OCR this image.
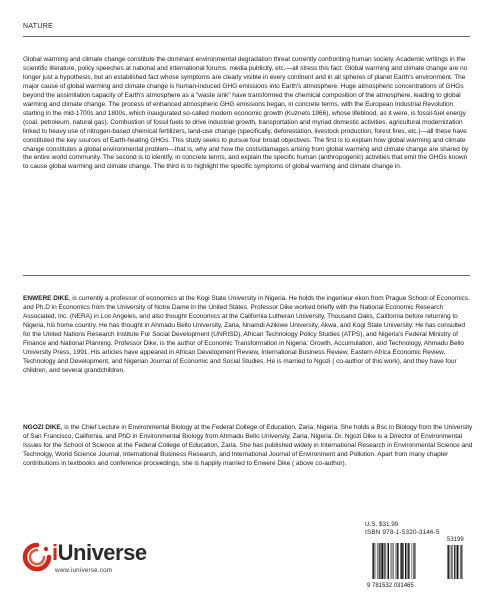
NATURE

Global warming and climate change constitute the dominant environmental degradation threat currently confronting human society. Academic writings in the scientific literature, policy speeches at national and international forums, media publicity, etc.—all stress this fact: Global warming and climate change are no longer just a hypothesis, but an established fact whose symptoms are clearly visible in every continent and in all spheres of planet Earth's environment. The major cause of global warming and climate change is human-induced GHG emissions into Earth's atmosphere. Huge atmospheric concentrations of GHGs beyond the assimilation capacity of Earth's atmosphere as a "waste sink" have transformed the chemical composition of the atmosphere, leading to global warming and climate change. The process of enhanced atmospheric GHG emissions began, in concrete terms, with the European Industrial Revolution starting in the mid-1700s and 1800s, which inaugurated so-called modern economic growth (Kuznets 1966), whose lifeblood, as it were, is fossil-fuel energy (coal, petroleum, natural gas). Combustion of fossil fuels to drive industrial growth, transportation and myriad domestic activities, agricultural modernization linked to heavy use of nitrogen-based chemical fertilizers, land-use change (specifically, deforestation, livestock production, forest fires, etc.)—all these have constituted the key sources of Earth-heating GHGs. This study seeks to pursue four broad objectives. The first is to explain how global warming and climate change constitutes a global environmental problem—that is, why and how the costs/damages arising from global warming and climate change are shared by the entire world community. The second is to identify, in concrete terms, and explain the specific human (anthropogenic) activities that emit the GHGs known to cause global warming and climate change. The third is to highlight the specific symptoms of global warming and climate change in.

ENWERE DIKE, is currently a professor of economics at the Kogi State University in Nigeria. He holds the ingenieur ekon from Prague School of Economics, and Ph.D in Economics from the University of Notre Dame in the United States. Professor Dike worked briefly with the National Economic Research Associated, inc. (NERA) in Los Angeles, and also thought Economics at the California Lutheran University, Thousand Oaks, California before returning to Nigeria, his home country. He has thought in Ahmadu Bello University, Zaria, Nnamdi Azikiwe University, Akwa, and Kogi State University. He has consulted for the United Nations Research Institute For Social Development (UNRISD), African Technology Policy Studies (ATPS), and Nigeria's Federal Ministry of Finance and National Planning. Professor Dike, is the author of Economic Transformation in Nigeria: Growth, Accumulation, and Technology, Ahmadu Bello University Press, 1991. His articles have appeared in African Development Review, International Business Review, Eastern Africa Economic Review, Technology and Development, and Nigerian Journal of Economic and Social Studies. He is married to Ngozi ( co-author of this work), and they have four children, and several grandchildren.

NGOZI DIKE, is the Chief Lecture in Environmental Biology at the Federal College of Education, Zaria, Nigeria. She holds a Bsc in Biology from the University of San Francisco, California, and PhD in Environmental Biology from Ahmadu Bello University, Zaria, Nigeria. Dr. Ngozi Dike is a Director of Environmental Issues for the School of Science at the Federal College of Education, Zaria. She has published widely in International Research in Environmental Science and Technolgy, World Science Journal, International Business Research, and International Journal of Environment and Pollution. Apart from many chapter contributions in textbooks and conference proceedings, she is happily married to Enwere Dike ( above co-author).

iUniverse
www.iuniverse.com
U.S. $31.99
ISBN 978-1-5320-3146-5
53199
9 781532 031465
